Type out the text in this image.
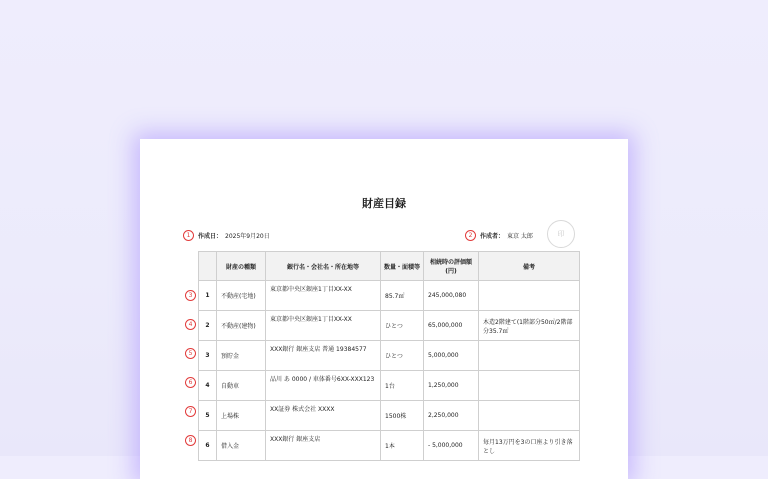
財産目録
1	作成日： 2025年9月20日	2	作成者： 東京 太郎	印
3
4
5
6
7
8
	財産の種類	銀行名・会社名・所在地等	数量・面積等	相続時の評価額(円)	備考
1	不動産(宅地)	東京都中央区銀座1丁目XX-XX	85.7㎡	245,000,080	
2	不動産(建物)	東京都中央区銀座1丁目XX-XX	ひとつ	65,000,000	木造2階建て(1階部分50㎡/2階部分35.7㎡
3	預貯金	XXX銀行 銀座支店 普通 19384577	ひとつ	5,000,000	
4	自動車	品川 あ 0000 / 車体番号6XX-XXX123	1台	1,250,000	
5	上場株	XX証券 株式会社 XXXX	1500株	2,250,000	
6	借入金	XXX銀行 銀座支店	1本	- 5,000,000	毎月13万円を3の口座より引き落とし
